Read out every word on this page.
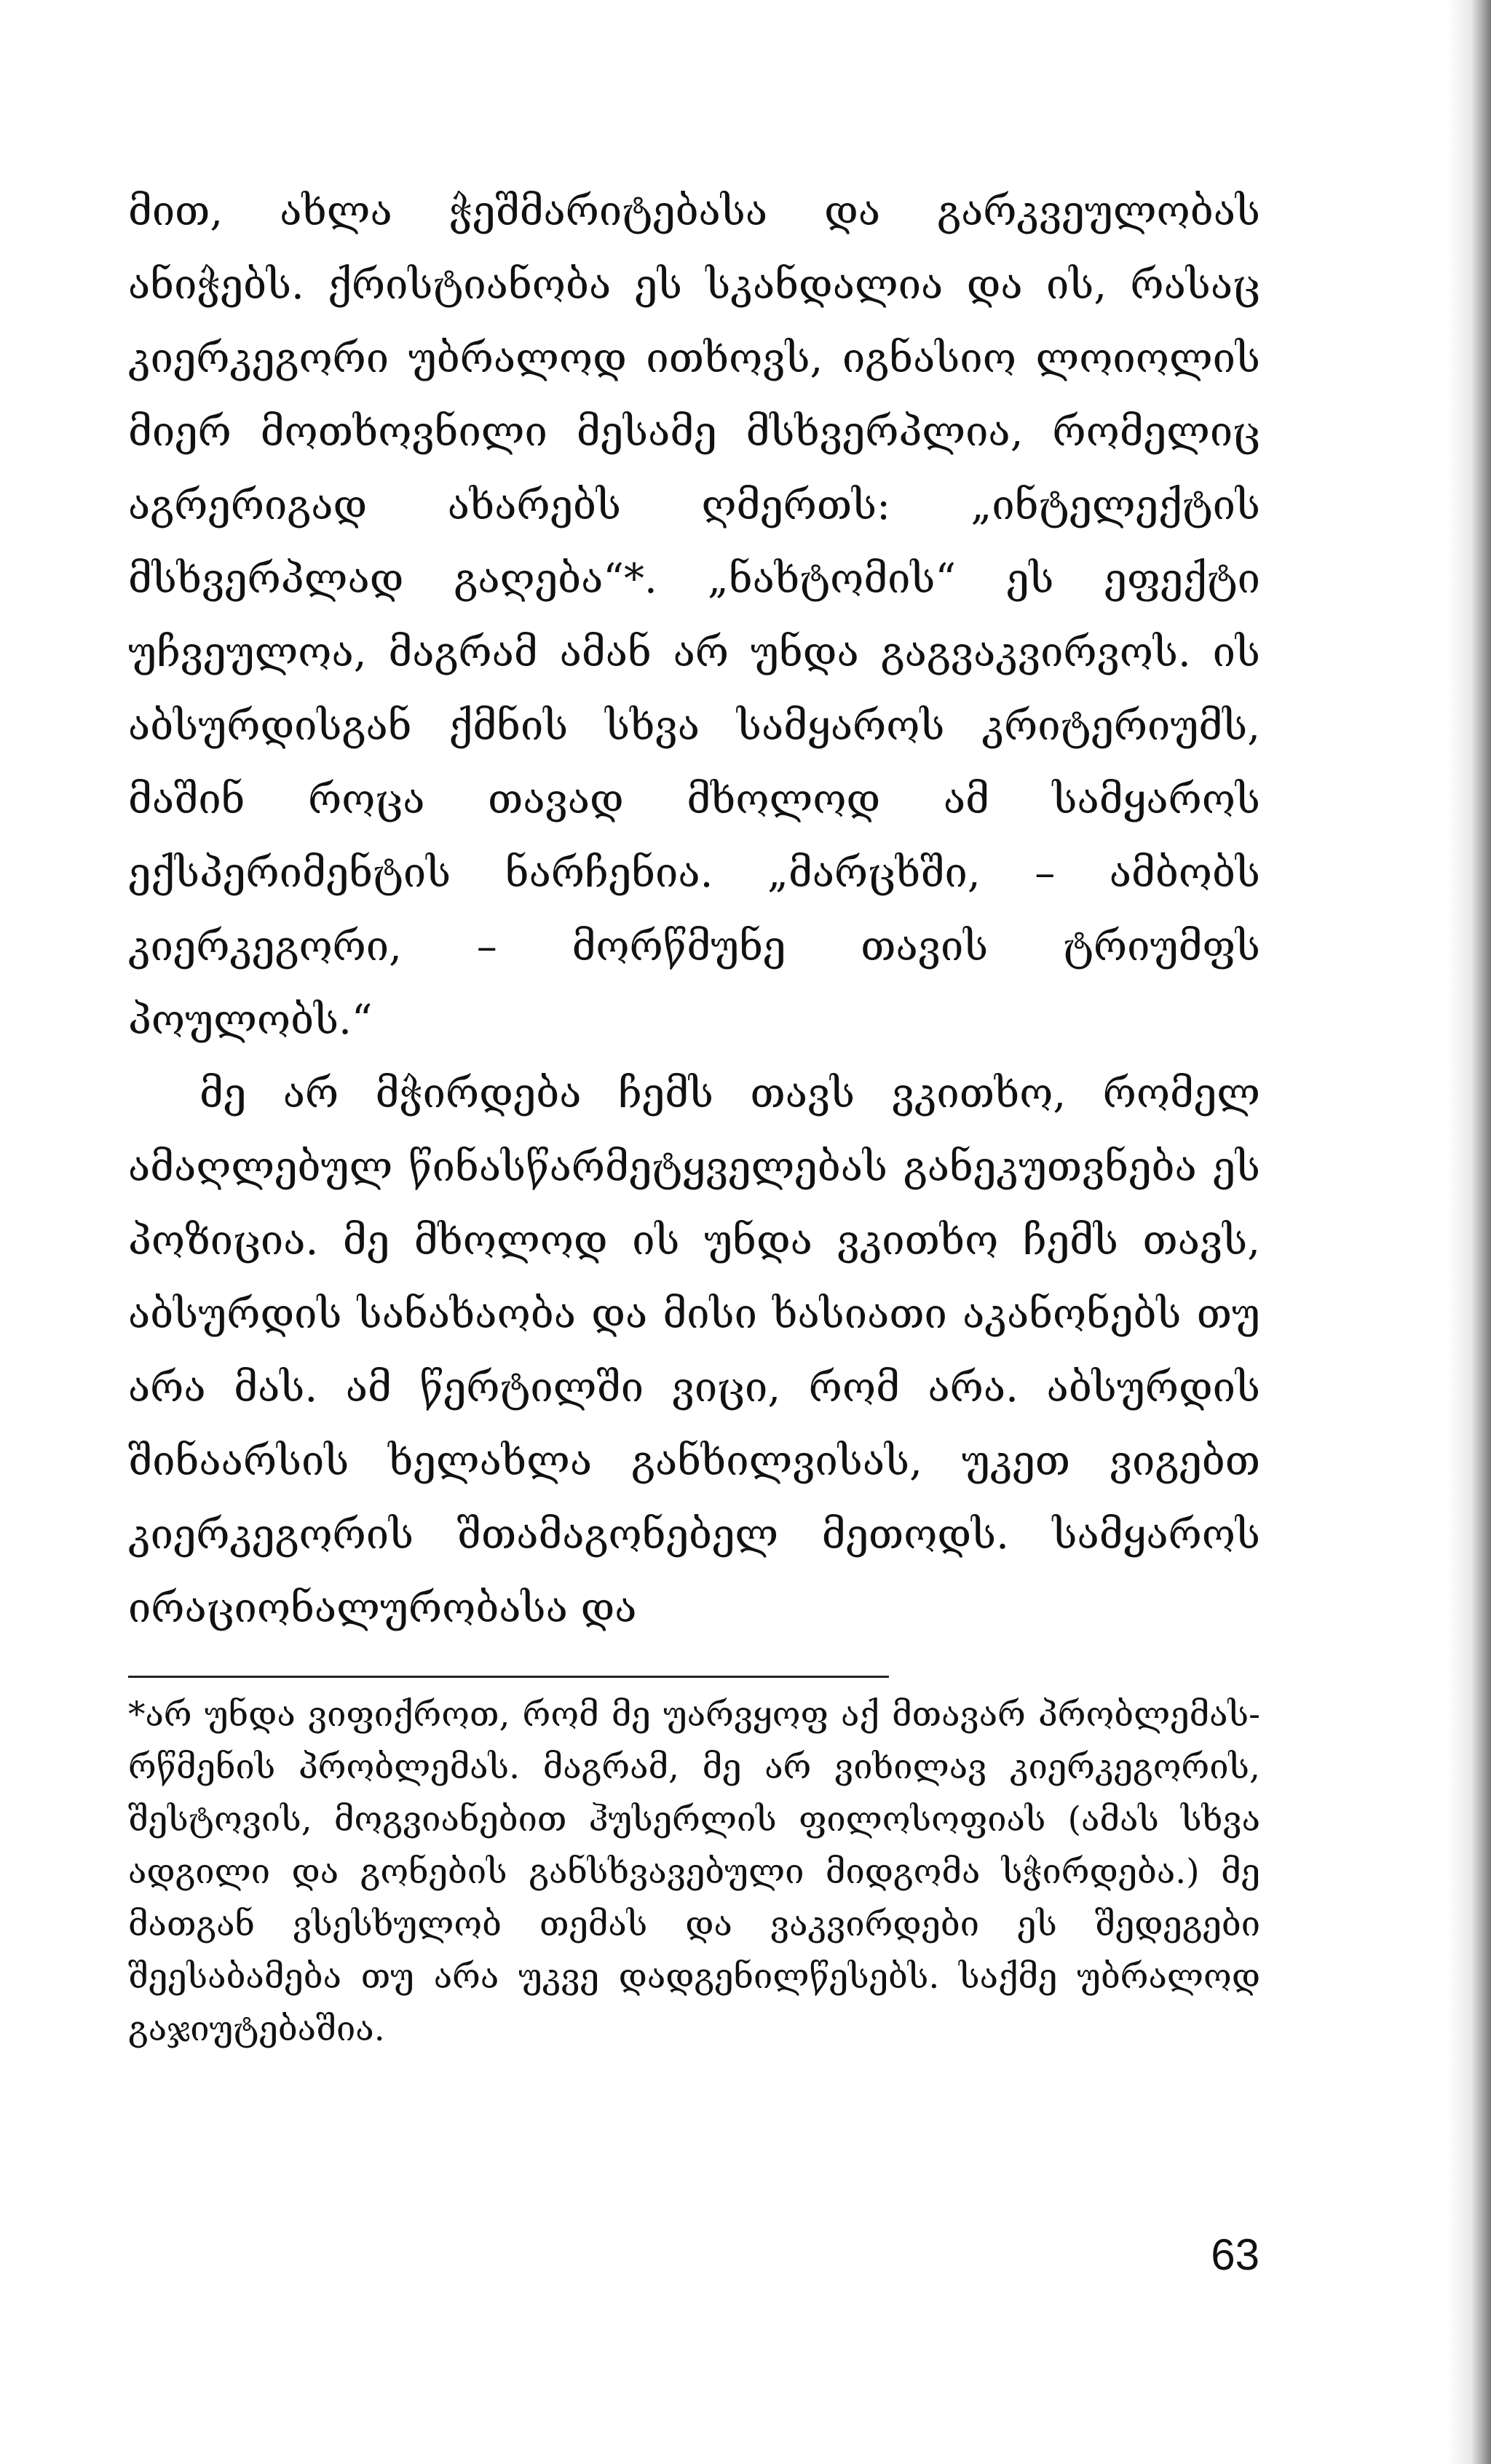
მით, ახლა ჭეშმარიტებასა და გარკვეულობას ანიჭებს. ქრისტიანობა ეს სკანდალია და ის, რასაც კიერკეგორი უბრალოდ ითხოვს, იგნასიო ლოიოლის მიერ მოთხოვნილი მესამე მსხვერპლია, რომელიც აგრერიგად ახარებს ღმერთს: „ინტელექტის მსხვერპლად გაღება“*. „ნახტომის“ ეს ეფექტი უჩვეულოა, მაგრამ ამან არ უნდა გაგვაკვირვოს. ის აბსურდისგან ქმნის სხვა სამყაროს კრიტერიუმს, მაშინ როცა თავად მხოლოდ ამ სამყაროს ექსპერიმენტის ნარჩენია. „მარცხში, – ამბობს კიერკეგორი, – მორწმუნე თავის ტრიუმფს პოულობს.“

მე არ მჭირდება ჩემს თავს ვკითხო, რომელ ამაღლებულ წინასწარმეტყველებას განეკუთვნება ეს პოზიცია. მე მხოლოდ ის უნდა ვკითხო ჩემს თავს, აბსურდის სანახაობა და მისი ხასიათი აკანონებს თუ არა მას. ამ წერტილში ვიცი, რომ არა. აბსურდის შინაარსის ხელახლა განხილვისას, უკეთ ვიგებთ კიერკეგორის შთამაგონებელ მეთოდს. სამყაროს ირაციონალურობასა და

*არ უნდა ვიფიქროთ, რომ მე უარვყოფ აქ მთავარ პრობლემას-რწმენის პრობლემას. მაგრამ, მე არ ვიხილავ კიერკეგორის, შესტოვის, მოგვიანებით ჰუსერლის ფილოსოფიას (ამას სხვა ადგილი და გონების განსხვავებული მიდგომა სჭირდება.) მე მათგან ვსესხულობ თემას და ვაკვირდები ეს შედეგები შეესაბამება თუ არა უკვე დადგენილწესებს. საქმე უბრალოდ გაჯიუტებაშია.

63
